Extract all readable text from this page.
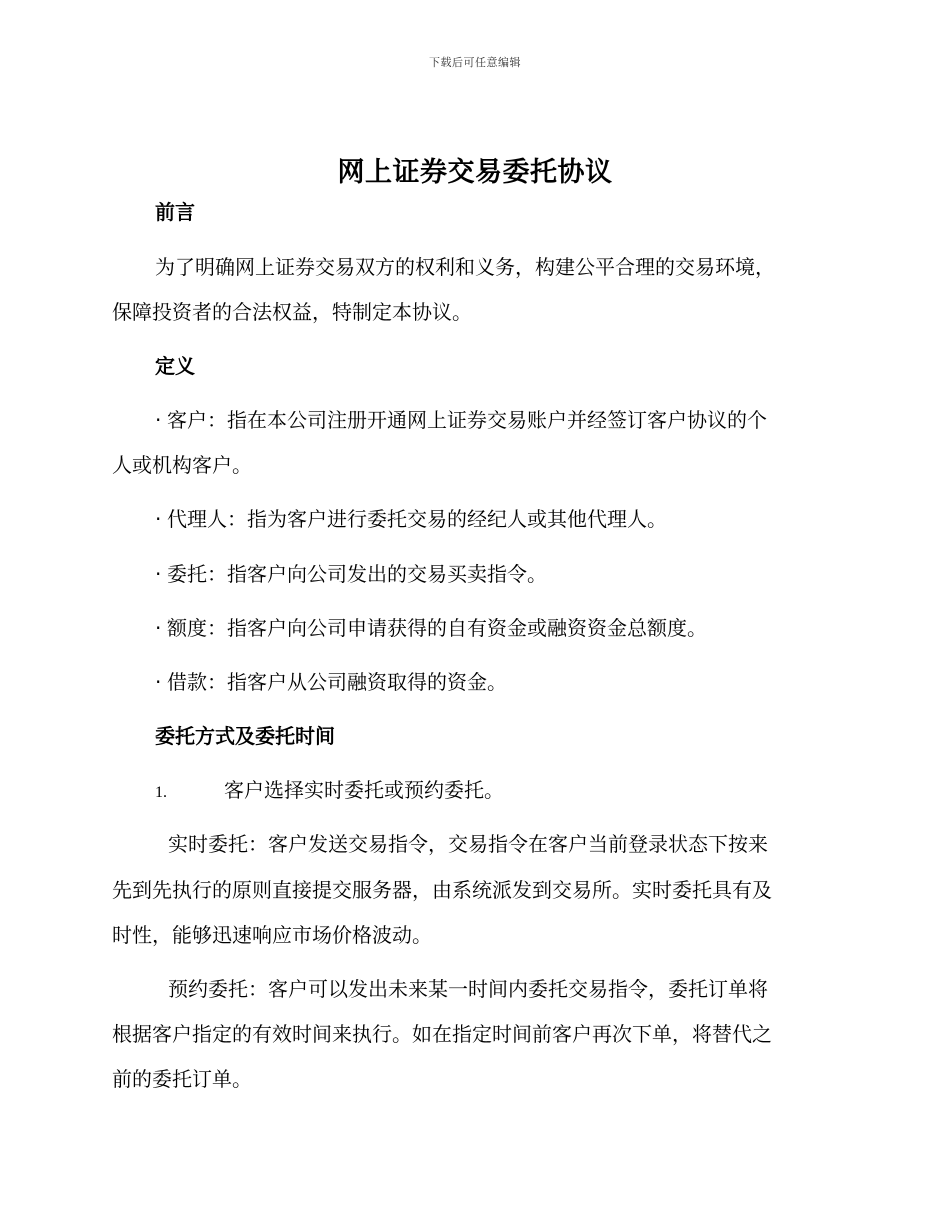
下载后可任意编辑
网上证券交易委托协议
前言
为了明确网上证券交易双方的权利和义务，构建公平合理的交易环境，
保障投资者的合法权益，特制定本协议。
定义
· 客户：指在本公司注册开通网上证券交易账户并经签订客户协议的个
人或机构客户。
· 代理人：指为客户进行委托交易的经纪人或其他代理人。
· 委托：指客户向公司发出的交易买卖指令。
· 额度：指客户向公司申请获得的自有资金或融资资金总额度。
· 借款：指客户从公司融资取得的资金。
委托方式及委托时间
1.	客户选择实时委托或预约委托。
实时委托：客户发送交易指令，交易指令在客户当前登录状态下按来
先到先执行的原则直接提交服务器，由系统派发到交易所。实时委托具有及
时性，能够迅速响应市场价格波动。
预约委托：客户可以发出未来某一时间内委托交易指令，委托订单将
根据客户指定的有效时间来执行。如在指定时间前客户再次下单，将替代之
前的委托订单。
